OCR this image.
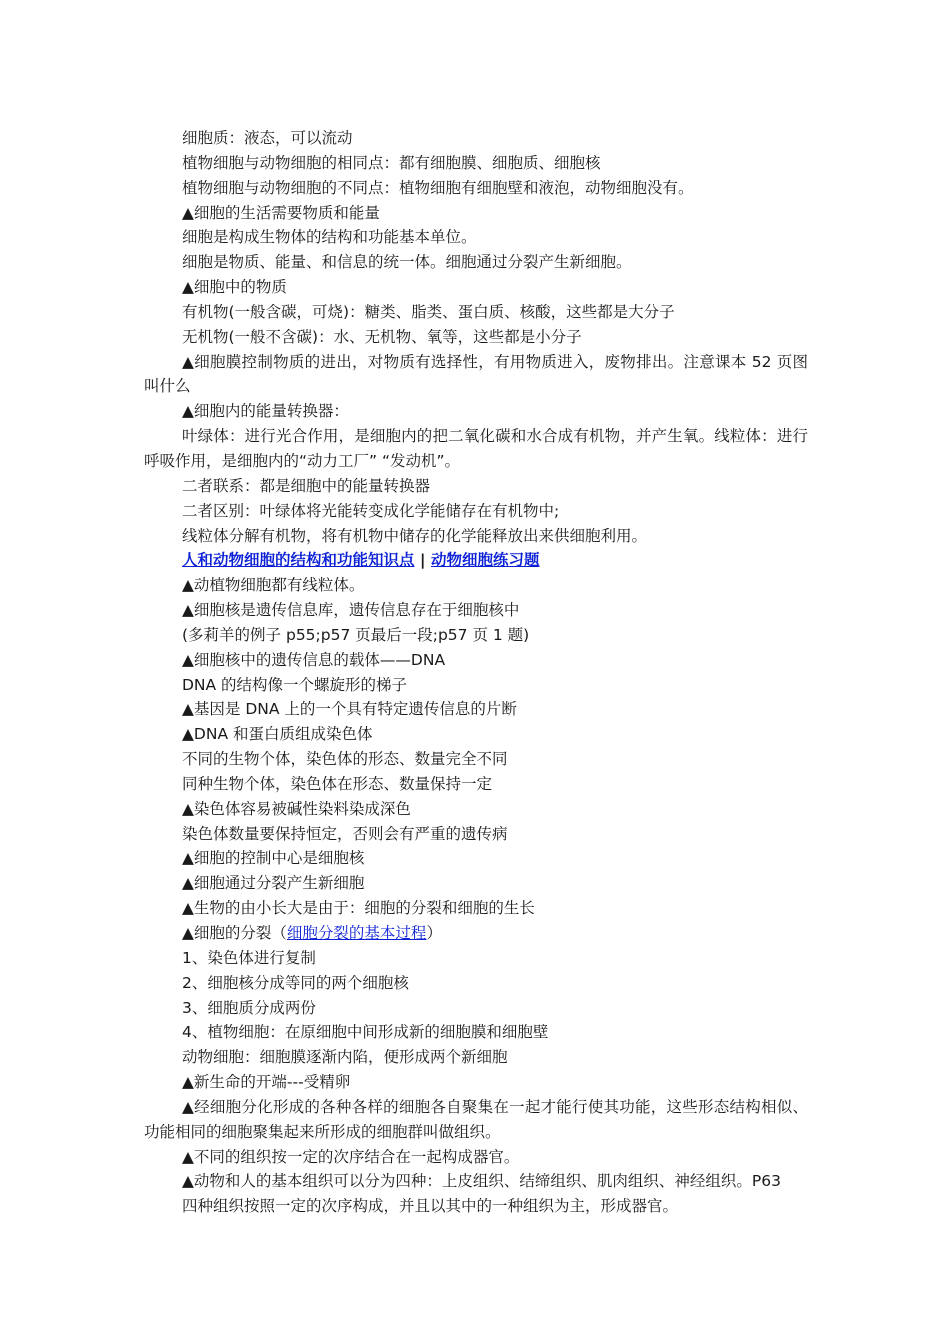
细胞质：液态，可以流动
植物细胞与动物细胞的相同点：都有细胞膜、细胞质、细胞核
植物细胞与动物细胞的不同点：植物细胞有细胞壁和液泡，动物细胞没有。
▲细胞的生活需要物质和能量
细胞是构成生物体的结构和功能基本单位。
细胞是物质、能量、和信息的统一体。细胞通过分裂产生新细胞。
▲细胞中的物质
有机物(一般含碳，可烧)：糖类、脂类、蛋白质、核酸，这些都是大分子
无机物(一般不含碳)：水、无机物、氧等，这些都是小分子
▲细胞膜控制物质的进出，对物质有选择性，有用物质进入，废物排出。注意课本 52 页图叫什么
▲细胞内的能量转换器：
叶绿体：进行光合作用，是细胞内的把二氧化碳和水合成有机物，并产生氧。线粒体：进行呼吸作用，是细胞内的“动力工厂” “发动机”。
二者联系：都是细胞中的能量转换器
二者区别：叶绿体将光能转变成化学能储存在有机物中;
线粒体分解有机物，将有机物中储存的化学能释放出来供细胞利用。
人和动物细胞的结构和功能知识点 | 动物细胞练习题
▲动植物细胞都有线粒体。
▲细胞核是遗传信息库，遗传信息存在于细胞核中
(多莉羊的例子 p55;p57 页最后一段;p57 页 1 题)
▲细胞核中的遗传信息的载体——DNA
DNA 的结构像一个螺旋形的梯子
▲基因是 DNA 上的一个具有特定遗传信息的片断
▲DNA 和蛋白质组成染色体
不同的生物个体，染色体的形态、数量完全不同
同种生物个体，染色体在形态、数量保持一定
▲染色体容易被碱性染料染成深色
染色体数量要保持恒定，否则会有严重的遗传病
▲细胞的控制中心是细胞核
▲细胞通过分裂产生新细胞
▲生物的由小长大是由于：细胞的分裂和细胞的生长
▲细胞的分裂（细胞分裂的基本过程）
1、染色体进行复制
2、细胞核分成等同的两个细胞核
3、细胞质分成两份
4、植物细胞：在原细胞中间形成新的细胞膜和细胞壁
动物细胞：细胞膜逐渐内陷，便形成两个新细胞
▲新生命的开端---受精卵
▲经细胞分化形成的各种各样的细胞各自聚集在一起才能行使其功能，这些形态结构相似、功能相同的细胞聚集起来所形成的细胞群叫做组织。
▲不同的组织按一定的次序结合在一起构成器官。
▲动物和人的基本组织可以分为四种：上皮组织、结缔组织、肌肉组织、神经组织。P63
四种组织按照一定的次序构成，并且以其中的一种组织为主，形成器官。
